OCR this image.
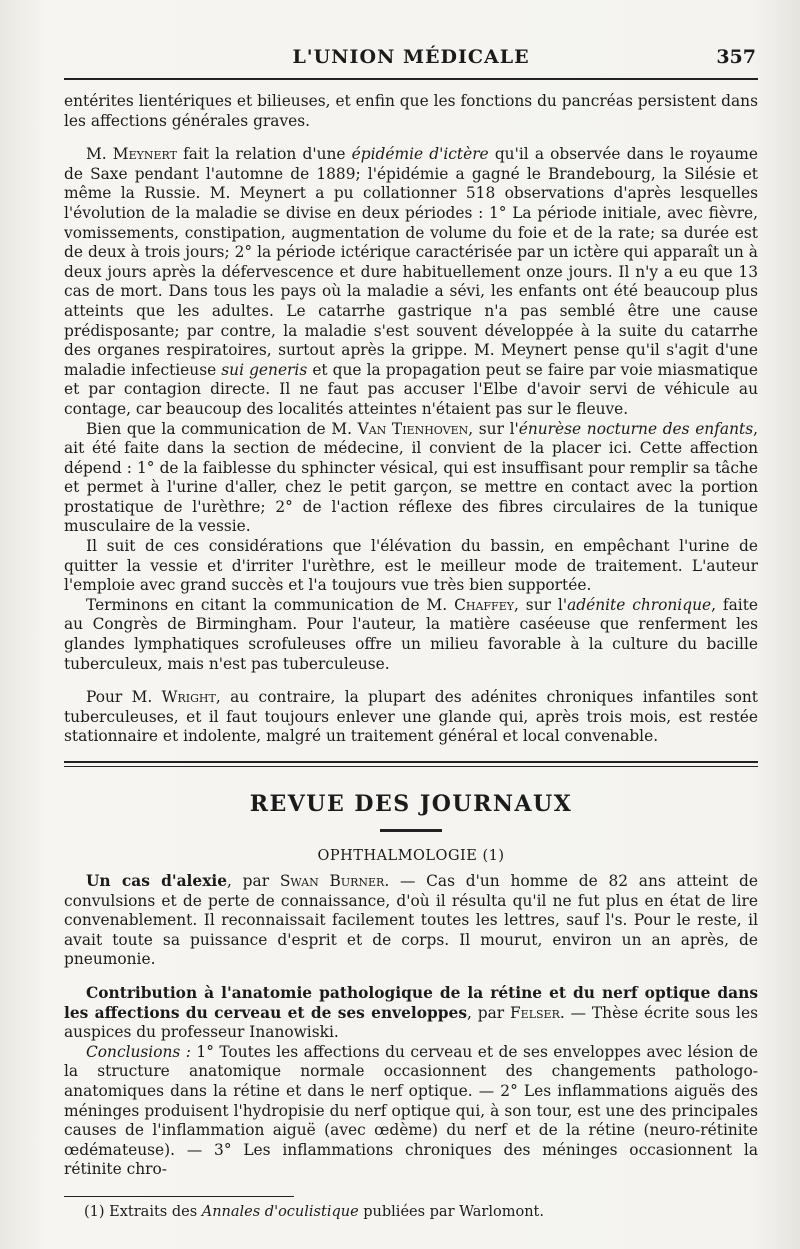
L'UNION MÉDICALE	357

entérites lientériques et bilieuses, et enfin que les fonctions du pancréas persistent dans les affections générales graves.

M. Meynert fait la relation d'une épidémie d'ictère qu'il a observée dans le royaume de Saxe pendant l'automne de 1889; l'épidémie a gagné le Brandebourg, la Silésie et même la Russie. M. Meynert a pu collationner 518 observations d'après lesquelles l'évolution de la maladie se divise en deux périodes : 1° La période initiale, avec fièvre, vomissements, constipation, augmentation de volume du foie et de la rate; sa durée est de deux à trois jours; 2° la période ictérique caractérisée par un ictère qui apparaît un à deux jours après la défervescence et dure habituellement onze jours. Il n'y a eu que 13 cas de mort. Dans tous les pays où la maladie a sévi, les enfants ont été beaucoup plus atteints que les adultes. Le catarrhe gastrique n'a pas semblé être une cause prédisposante; par contre, la maladie s'est souvent développée à la suite du catarrhe des organes respiratoires, surtout après la grippe. M. Meynert pense qu'il s'agit d'une maladie infectieuse sui generis et que la propagation peut se faire par voie miasmatique et par contagion directe. Il ne faut pas accuser l'Elbe d'avoir servi de véhicule au contage, car beaucoup des localités atteintes n'étaient pas sur le fleuve.

Bien que la communication de M. Van Tienhoven, sur l'énurèse nocturne des enfants, ait été faite dans la section de médecine, il convient de la placer ici. Cette affection dépend : 1° de la faiblesse du sphincter vésical, qui est insuffisant pour remplir sa tâche et permet à l'urine d'aller, chez le petit garçon, se mettre en contact avec la portion prostatique de l'urèthre; 2° de l'action réflexe des fibres circulaires de la tunique musculaire de la vessie.

Il suit de ces considérations que l'élévation du bassin, en empêchant l'urine de quitter la vessie et d'irriter l'urèthre, est le meilleur mode de traitement. L'auteur l'emploie avec grand succès et l'a toujours vue très bien supportée.

Terminons en citant la communication de M. Chaffey, sur l'adénite chronique, faite au Congrès de Birmingham. Pour l'auteur, la matière caséeuse que renferment les glandes lymphatiques scrofuleuses offre un milieu favorable à la culture du bacille tuberculeux, mais n'est pas tuberculeuse.

Pour M. Wright, au contraire, la plupart des adénites chroniques infantiles sont tuberculeuses, et il faut toujours enlever une glande qui, après trois mois, est restée stationnaire et indolente, malgré un traitement général et local convenable.

REVUE DES JOURNAUX
OPHTHALMOLOGIE (1)

Un cas d'alexie, par Swan Burner. — Cas d'un homme de 82 ans atteint de convulsions et de perte de connaissance, d'où il résulta qu'il ne fut plus en état de lire convenablement. Il reconnaissait facilement toutes les lettres, sauf l's. Pour le reste, il avait toute sa puissance d'esprit et de corps. Il mourut, environ un an après, de pneumonie.

Contribution à l'anatomie pathologique de la rétine et du nerf optique dans les affections du cerveau et de ses enveloppes, par Felser. — Thèse écrite sous les auspices du professeur Inanowiski.

Conclusions : 1° Toutes les affections du cerveau et de ses enveloppes avec lésion de la structure anatomique normale occasionnent des changements pathologo-anatomiques dans la rétine et dans le nerf optique. — 2° Les inflammations aiguës des méninges produisent l'hydropisie du nerf optique qui, à son tour, est une des principales causes de l'inflammation aiguë (avec œdème) du nerf et de la rétine (neuro-rétinite œdémateuse). — 3° Les inflammations chroniques des méninges occasionnent la rétinite chro-

(1) Extraits des Annales d'oculistique publiées par Warlomont.
